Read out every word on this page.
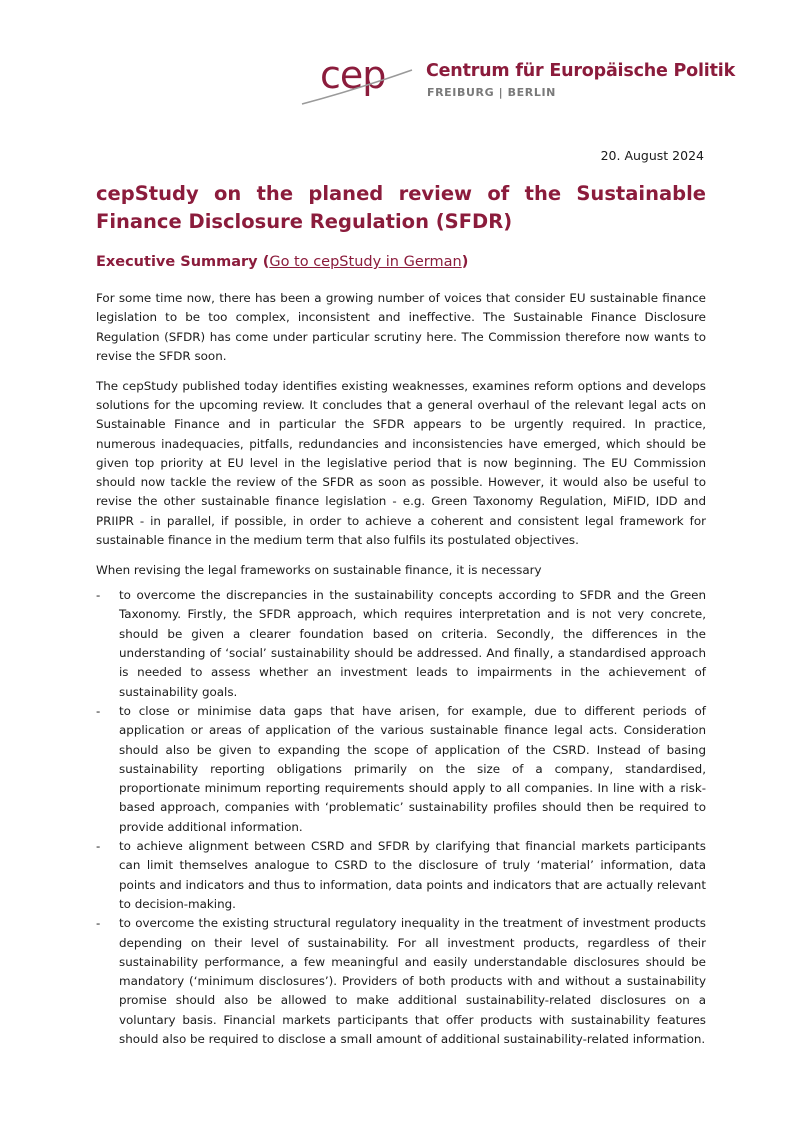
cep Centrum für Europäische Politik
FREIBURG | BERLIN
20. August 2024
cepStudy on the planed review of the Sustainable Finance Disclosure Regulation (SFDR)
Executive Summary (Go to cepStudy in German)

For some time now, there has been a growing number of voices that consider EU sustainable finance legislation to be too complex, inconsistent and ineffective. The Sustainable Finance Disclosure Regulation (SFDR) has come under particular scrutiny here. The Commission therefore now wants to revise the SFDR soon.

The cepStudy published today identifies existing weaknesses, examines reform options and develops solutions for the upcoming review. It concludes that a general overhaul of the relevant legal acts on Sustainable Finance and in particular the SFDR appears to be urgently required. In practice, numerous inadequacies, pitfalls, redundancies and inconsistencies have emerged, which should be given top priority at EU level in the legislative period that is now beginning. The EU Commission should now tackle the review of the SFDR as soon as possible. However, it would also be useful to revise the other sustainable finance legislation - e.g. Green Taxonomy Regulation, MiFID, IDD and PRIIPR - in parallel, if possible, in order to achieve a coherent and consistent legal framework for sustainable finance in the medium term that also fulfils its postulated objectives.

When revising the legal frameworks on sustainable finance, it is necessary

- to overcome the discrepancies in the sustainability concepts according to SFDR and the Green Taxonomy. Firstly, the SFDR approach, which requires interpretation and is not very concrete, should be given a clearer foundation based on criteria. Secondly, the differences in the understanding of ‘social’ sustainability should be addressed. And finally, a standardised approach is needed to assess whether an investment leads to impairments in the achievement of sustainability goals.
- to close or minimise data gaps that have arisen, for example, due to different periods of application or areas of application of the various sustainable finance legal acts. Consideration should also be given to expanding the scope of application of the CSRD. Instead of basing sustainability reporting obligations primarily on the size of a company, standardised, proportionate minimum reporting requirements should apply to all companies. In line with a risk-based approach, companies with ‘problematic’ sustainability profiles should then be required to provide additional information.
- to achieve alignment between CSRD and SFDR by clarifying that financial markets participants can limit themselves analogue to CSRD to the disclosure of truly ‘material’ information, data points and indicators and thus to information, data points and indicators that are actually relevant to decision-making.
- to overcome the existing structural regulatory inequality in the treatment of investment products depending on their level of sustainability. For all investment products, regardless of their sustainability performance, a few meaningful and easily understandable disclosures should be mandatory (‘minimum disclosures’). Providers of both products with and without a sustainability promise should also be allowed to make additional sustainability-related disclosures on a voluntary basis. Financial markets participants that offer products with sustainability features should also be required to disclose a small amount of additional sustainability-related information.
